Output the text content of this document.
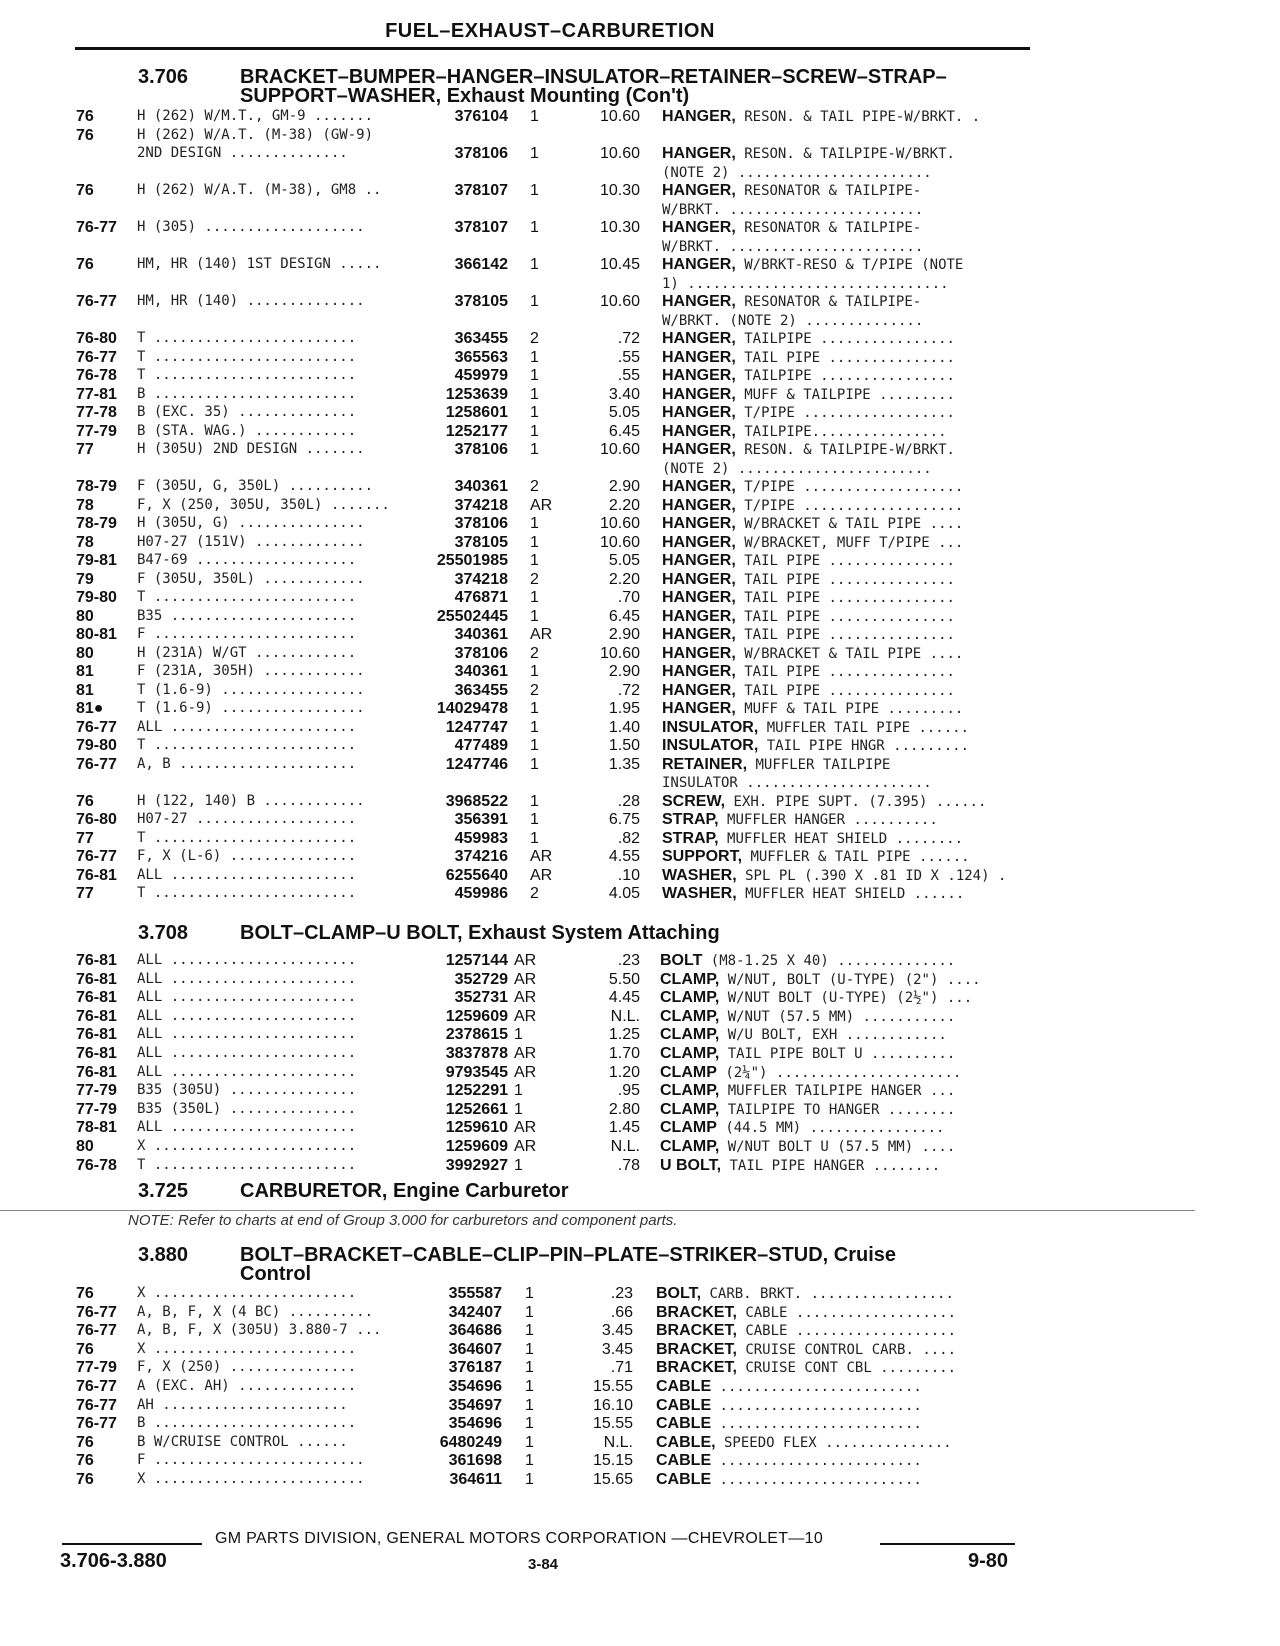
FUEL–EXHAUST–CARBURETION
3.706	BRACKET–BUMPER–HANGER–INSULATOR–RETAINER–SCREW–STRAP–
SUPPORT–WASHER, Exhaust Mounting (Con't)
76	H (262) W/M.T., GM-9 .......	376104 1	10.60 HANGER, RESON. & TAIL PIPE-W/BRKT. .
76	H (262) W/A.T. (M-38) (GW-9)
2ND DESIGN ..............	378106 1	10.60 HANGER, RESON. & TAILPIPE-W/BRKT.
(NOTE 2) .......................
76	H (262) W/A.T. (M-38), GM8 ..	378107 1	10.30 HANGER, RESONATOR & TAILPIPE-
W/BRKT. .......................
76-77 H (305) ...................	378107 1	10.30 HANGER, RESONATOR & TAILPIPE-
W/BRKT. .......................
76	HM, HR (140) 1ST DESIGN .....	366142 1	10.45 HANGER, W/BRKT-RESO & T/PIPE (NOTE
1) ...............................
76-77 HM, HR (140) ..............	378105 1	10.60 HANGER, RESONATOR & TAILPIPE-
W/BRKT. (NOTE 2) ..............
76-80 T ........................	363455 2	.72 HANGER, TAILPIPE ................
76-77 T ........................	365563 1	.55 HANGER, TAIL PIPE ...............
76-78 T ........................	459979 1	.55 HANGER, TAILPIPE ................
77-81 B ........................	1253639 1	3.40 HANGER, MUFF & TAILPIPE .........
77-78 B (EXC. 35) ..............	1258601 1	5.05 HANGER, T/PIPE ..................
77-79 B (STA. WAG.) ............	1252177 1	6.45 HANGER, TAILPIPE................
77	H (305U) 2ND DESIGN .......	378106 1	10.60 HANGER, RESON. & TAILPIPE-W/BRKT.
(NOTE 2) .......................
78-79 F (305U, G, 350L) ..........	340361 2	2.90 HANGER, T/PIPE ...................
78	F, X (250, 305U, 350L) .......	374218 AR	2.20 HANGER, T/PIPE ...................
78-79 H (305U, G) ...............	378106 1	10.60 HANGER, W/BRACKET & TAIL PIPE ....
78	H07-27 (151V) .............	378105 1	10.60 HANGER, W/BRACKET, MUFF T/PIPE ...
79-81 B47-69 ...................	25501985 1	5.05 HANGER, TAIL PIPE ...............
79	F (305U, 350L) ............	374218 2	2.20 HANGER, TAIL PIPE ...............
79-80 T ........................	476871 1	.70 HANGER, TAIL PIPE ...............
80	B35 ......................	25502445 1	6.45 HANGER, TAIL PIPE ...............
80-81 F ........................	340361 AR	2.90 HANGER, TAIL PIPE ...............
80	H (231A) W/GT ............	378106 2	10.60 HANGER, W/BRACKET & TAIL PIPE ....
81	F (231A, 305H) ............	340361 1	2.90 HANGER, TAIL PIPE ...............
81	T (1.6-9) .................	363455 2	.72 HANGER, TAIL PIPE ...............
81● T (1.6-9) .................	14029478 1	1.95 HANGER, MUFF & TAIL PIPE .........
76-77 ALL ......................	1247747 1	1.40 INSULATOR, MUFFLER TAIL PIPE ......
79-80 T ........................	477489 1	1.50 INSULATOR, TAIL PIPE HNGR .........
76-77 A, B .....................	1247746 1	1.35 RETAINER, MUFFLER TAILPIPE
INSULATOR ......................
76	H (122, 140) B ............	3968522 1	.28 SCREW, EXH. PIPE SUPT. (7.395) ......
76-80 H07-27 ...................	356391 1	6.75 STRAP, MUFFLER HANGER ..........
77	T ........................	459983 1	.82 STRAP, MUFFLER HEAT SHIELD ........
76-77 F, X (L-6) ...............	374216 AR	4.55 SUPPORT, MUFFLER & TAIL PIPE ......
76-81 ALL ......................	6255640 AR	.10 WASHER, SPL PL (.390 X .81 ID X .124) .
77	T ........................	459986 2	4.05 WASHER, MUFFLER HEAT SHIELD ......
3.708	BOLT–CLAMP–U BOLT, Exhaust System Attaching
76-81 ALL ......................	1257144 AR	.23 BOLT (M8-1.25 X 40) ..............
76-81 ALL ......................	352729 AR	5.50 CLAMP, W/NUT, BOLT (U-TYPE) (2") ....
76-81 ALL ......................	352731 AR	4.45 CLAMP, W/NUT BOLT (U-TYPE) (2½") ...
76-81 ALL ......................	1259609 AR	N.L. CLAMP, W/NUT (57.5 MM) ...........
76-81 ALL ......................	2378615 1	1.25 CLAMP, W/U BOLT, EXH ............
76-81 ALL ......................	3837878 AR	1.70 CLAMP, TAIL PIPE BOLT U ..........
76-81 ALL ......................	9793545 AR	1.20 CLAMP (2¼") ......................
77-79 B35 (305U) ...............	1252291 1	.95 CLAMP, MUFFLER TAILPIPE HANGER ...
77-79 B35 (350L) ...............	1252661 1	2.80 CLAMP, TAILPIPE TO HANGER ........
78-81 ALL ......................	1259610 AR	1.45 CLAMP (44.5 MM) ................
80	X ........................	1259609 AR	N.L. CLAMP, W/NUT BOLT U (57.5 MM) ....
76-78 T ........................	3992927 1	.78 U BOLT, TAIL PIPE HANGER ........
3.725	CARBURETOR, Engine Carburetor
NOTE: Refer to charts at end of Group 3.000 for carburetors and component parts.
3.880	BOLT–BRACKET–CABLE–CLIP–PIN–PLATE–STRIKER–STUD, Cruise
Control
76	X ........................	355587 1	.23 BOLT, CARB. BRKT. .................
76-77 A, B, F, X (4 BC) ..........	342407 1	.66 BRACKET, CABLE ...................
76-77 A, B, F, X (305U) 3.880-7 ...	364686 1	3.45 BRACKET, CABLE ...................
76	X ........................	364607 1	3.45 BRACKET, CRUISE CONTROL CARB. ....
77-79 F, X (250) ...............	376187 1	.71 BRACKET, CRUISE CONT CBL .........
76-77 A (EXC. AH) ..............	354696 1	15.55 CABLE ........................
76-77 AH ......................	354697 1	16.10 CABLE ........................
76-77 B ........................	354696 1	15.55 CABLE ........................
76	B W/CRUISE CONTROL ......	6480249 1	N.L. CABLE, SPEEDO FLEX ...............
76	F .........................	361698 1	15.15 CABLE ........................
76	X .........................	364611 1	15.65 CABLE ........................
GM PARTS DIVISION, GENERAL MOTORS CORPORATION —CHEVROLET—10
3.706-3.880	3-84	9-80
